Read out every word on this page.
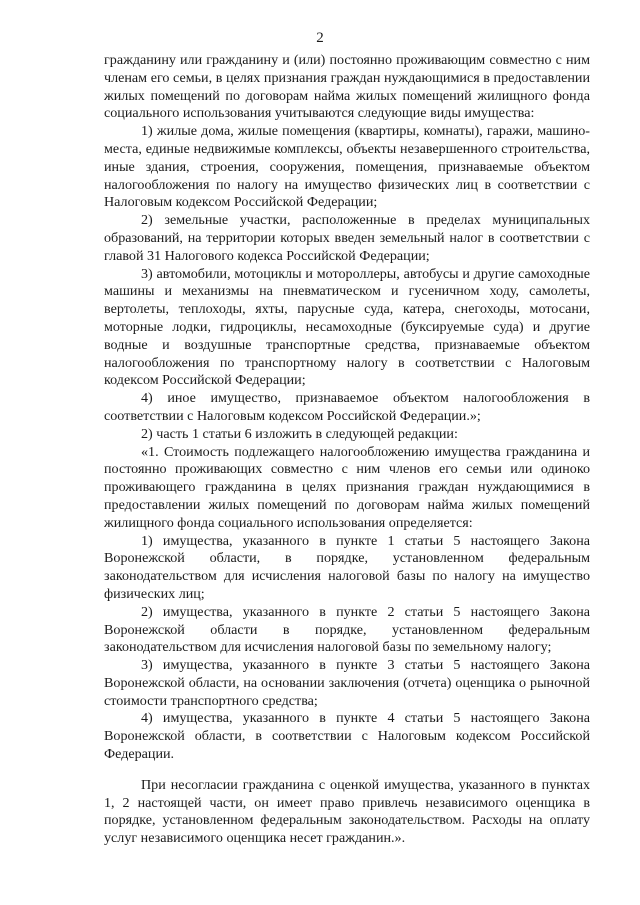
2

гражданину или гражданину и (или) постоянно проживающим совместно с ним членам его семьи, в целях признания граждан нуждающимися в предоставлении жилых помещений по договорам найма жилых помещений жилищного фонда социального использования учитываются следующие виды имущества:

1) жилые дома, жилые помещения (квартиры, комнаты), гаражи, машино-места, единые недвижимые комплексы, объекты незавершенного строительства, иные здания, строения, сооружения, помещения, признаваемые объектом налогообложения по налогу на имущество физических лиц в соответствии с Налоговым кодексом Российской Федерации;

2) земельные участки, расположенные в пределах муниципальных образований, на территории которых введен земельный налог в соответствии с главой 31 Налогового кодекса Российской Федерации;

3) автомобили, мотоциклы и мотороллеры, автобусы и другие самоходные машины и механизмы на пневматическом и гусеничном ходу, самолеты, вертолеты, теплоходы, яхты, парусные суда, катера, снегоходы, мотосани, моторные лодки, гидроциклы, несамоходные (буксируемые суда) и другие водные и воздушные транспортные средства, признаваемые объектом налогообложения по транспортному налогу в соответствии с Налоговым кодексом Российской Федерации;

4) иное имущество, признаваемое объектом налогообложения в соответствии с Налоговым кодексом Российской Федерации.»;

2) часть 1 статьи 6 изложить в следующей редакции:

«1. Стоимость подлежащего налогообложению имущества гражданина и постоянно проживающих совместно с ним членов его семьи или одиноко проживающего гражданина в целях признания граждан нуждающимися в предоставлении жилых помещений по договорам найма жилых помещений жилищного фонда социального использования определяется:

1) имущества, указанного в пункте 1 статьи 5 настоящего Закона Воронежской области, в порядке, установленном федеральным законодательством для исчисления налоговой базы по налогу на имущество физических лиц;

2) имущества, указанного в пункте 2 статьи 5 настоящего Закона Воронежской области в порядке, установленном федеральным законодательством для исчисления налоговой базы по земельному налогу;

3) имущества, указанного в пункте 3 статьи 5 настоящего Закона Воронежской области, на основании заключения (отчета) оценщика о рыночной стоимости транспортного средства;

4) имущества, указанного в пункте 4 статьи 5 настоящего Закона Воронежской области, в соответствии с Налоговым кодексом Российской Федерации.

При несогласии гражданина с оценкой имущества, указанного в пунктах 1, 2 настоящей части, он имеет право привлечь независимого оценщика в порядке, установленном федеральным законодательством. Расходы на оплату услуг независимого оценщика несет гражданин.».
